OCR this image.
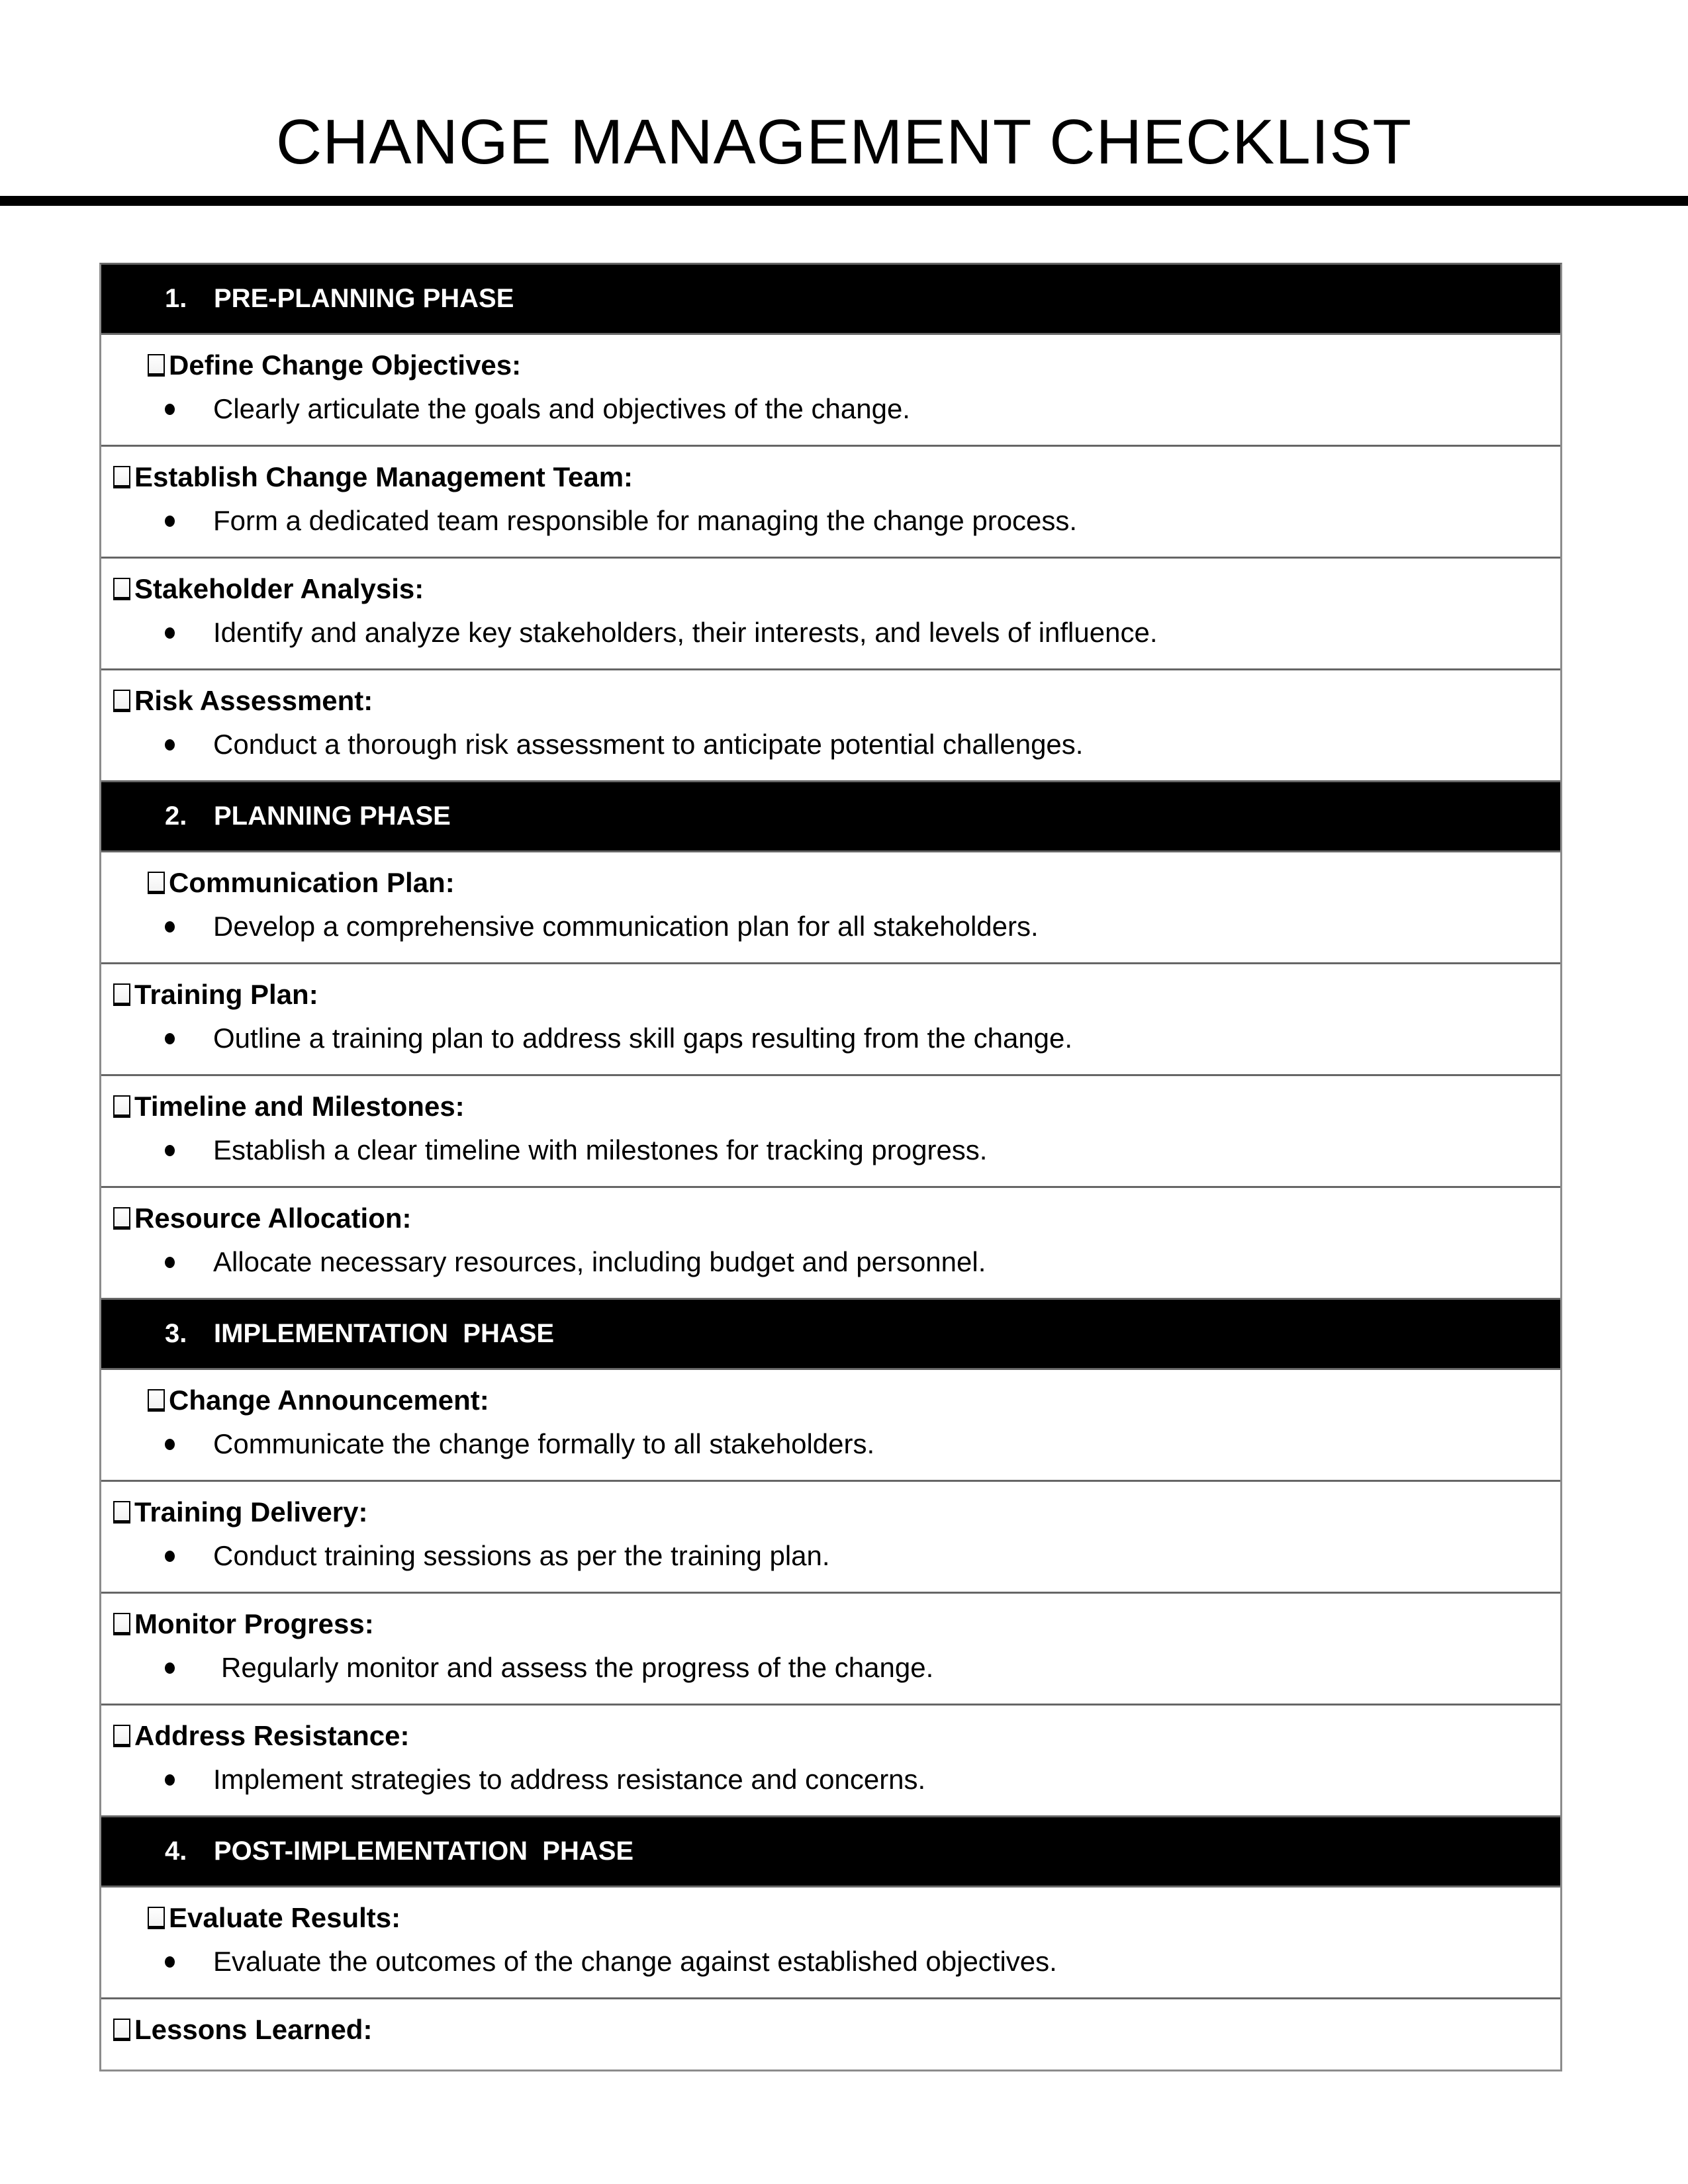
CHANGE MANAGEMENT CHECKLIST
1.	PRE-PLANNING PHASE
Define Change Objectives:
Clearly articulate the goals and objectives of the change.
Establish Change Management Team:
Form a dedicated team responsible for managing the change process.
Stakeholder Analysis:
Identify and analyze key stakeholders, their interests, and levels of influence.
Risk Assessment:
Conduct a thorough risk assessment to anticipate potential challenges.
2.	PLANNING PHASE
Communication Plan:
Develop a comprehensive communication plan for all stakeholders.
Training Plan:
Outline a training plan to address skill gaps resulting from the change.
Timeline and Milestones:
Establish a clear timeline with milestones for tracking progress.
Resource Allocation:
Allocate necessary resources, including budget and personnel.
3.	IMPLEMENTATION  PHASE
Change Announcement:
Communicate the change formally to all stakeholders.
Training Delivery:
Conduct training sessions as per the training plan.
Monitor Progress:
Regularly monitor and assess the progress of the change.
Address Resistance:
Implement strategies to address resistance and concerns.
4.	POST-IMPLEMENTATION  PHASE
Evaluate Results:
Evaluate the outcomes of the change against established objectives.
Lessons Learned:
